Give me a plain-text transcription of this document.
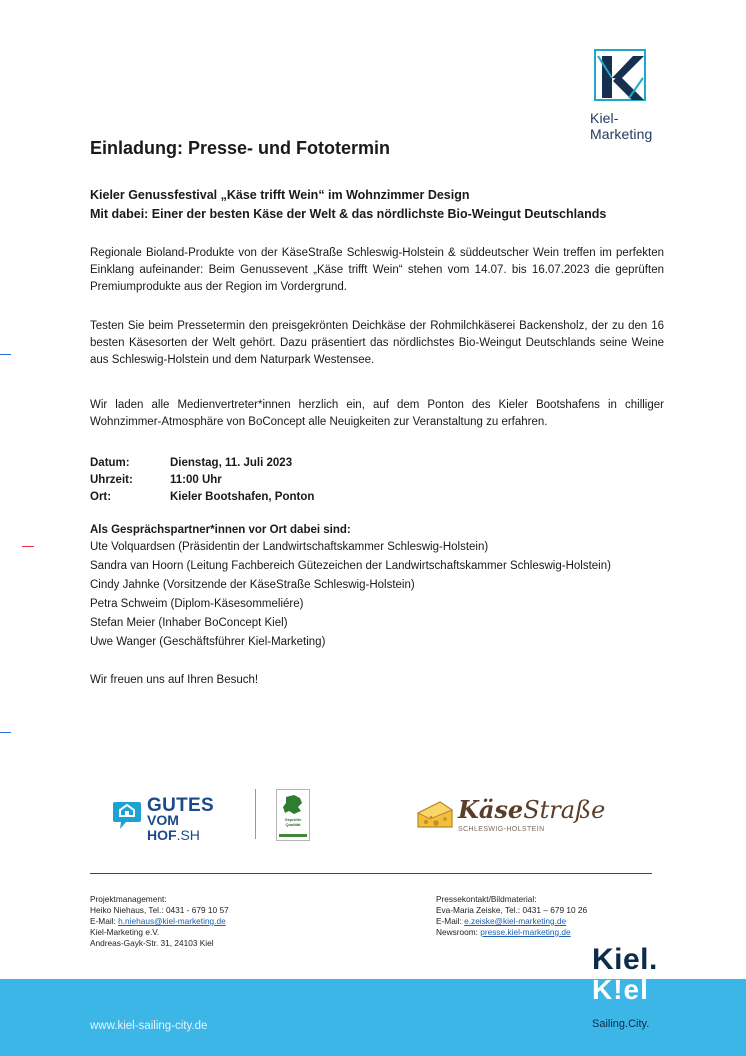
Kiel-Marketing
Einladung: Presse- und Fototermin
Kieler Genussfestival „Käse trifft Wein“ im Wohnzimmer Design
Mit dabei: Einer der besten Käse der Welt & das nördlichste Bio-Weingut Deutschlands
Regionale Bioland-Produkte von der KäseStraße Schleswig-Holstein & süddeutscher Wein treffen im perfekten Einklang aufeinander: Beim Genussevent „Käse trifft Wein“ stehen vom 14.07. bis 16.07.2023 die geprüften Premiumprodukte aus der Region im Vordergrund.
Testen Sie beim Pressetermin den preisgekrönten Deichkäse der Rohmilchkäserei Backensholz, der zu den 16 besten Käsesorten der Welt gehört. Dazu präsentiert das nördlichstes Bio-Weingut Deutschlands seine Weine aus Schleswig-Holstein und dem Naturpark Westensee.
Wir laden alle Medienvertreter*innen herzlich ein, auf dem Ponton des Kieler Bootshafens in chilliger Wohnzimmer-Atmosphäre von BoConcept alle Neuigkeiten zur Veranstaltung zu erfahren.
Datum:	Dienstag, 11. Juli 2023
Uhrzeit:	11:00 Uhr
Ort:	Kieler Bootshafen, Ponton
Als Gesprächspartner*innen vor Ort dabei sind:
Ute Volquardsen (Präsidentin der Landwirtschaftskammer Schleswig-Holstein)
Sandra van Hoorn (Leitung Fachbereich Gütezeichen der Landwirtschaftskammer Schleswig-Holstein)
Cindy Jahnke (Vorsitzende der KäseStraße Schleswig-Holstein)
Petra Schweim (Diplom-Käsesommeliére)
Stefan Meier (Inhaber BoConcept Kiel)
Uwe Wanger (Geschäftsführer Kiel-Marketing)
Wir freuen uns auf Ihren Besuch!
GUTES
VOM HOF.SH
Geprüfte Qualität
KäseStraße
SCHLESWIG-HOLSTEIN
Projektmanagement:
Heiko Niehaus, Tel.: 0431 - 679 10 57
E-Mail: h.niehaus@kiel-marketing.de
Kiel-Marketing e.V.
Andreas-Gayk-Str. 31, 24103 Kiel
Pressekontakt/Bildmaterial:
Eva-Maria Zeiske, Tel.: 0431 – 679 10 26
E-Mail: e.zeiske@kiel-marketing.de
Newsroom: presse.kiel-marketing.de
www.kiel-sailing-city.de
Kiel.
K!el
Sailing.City.
